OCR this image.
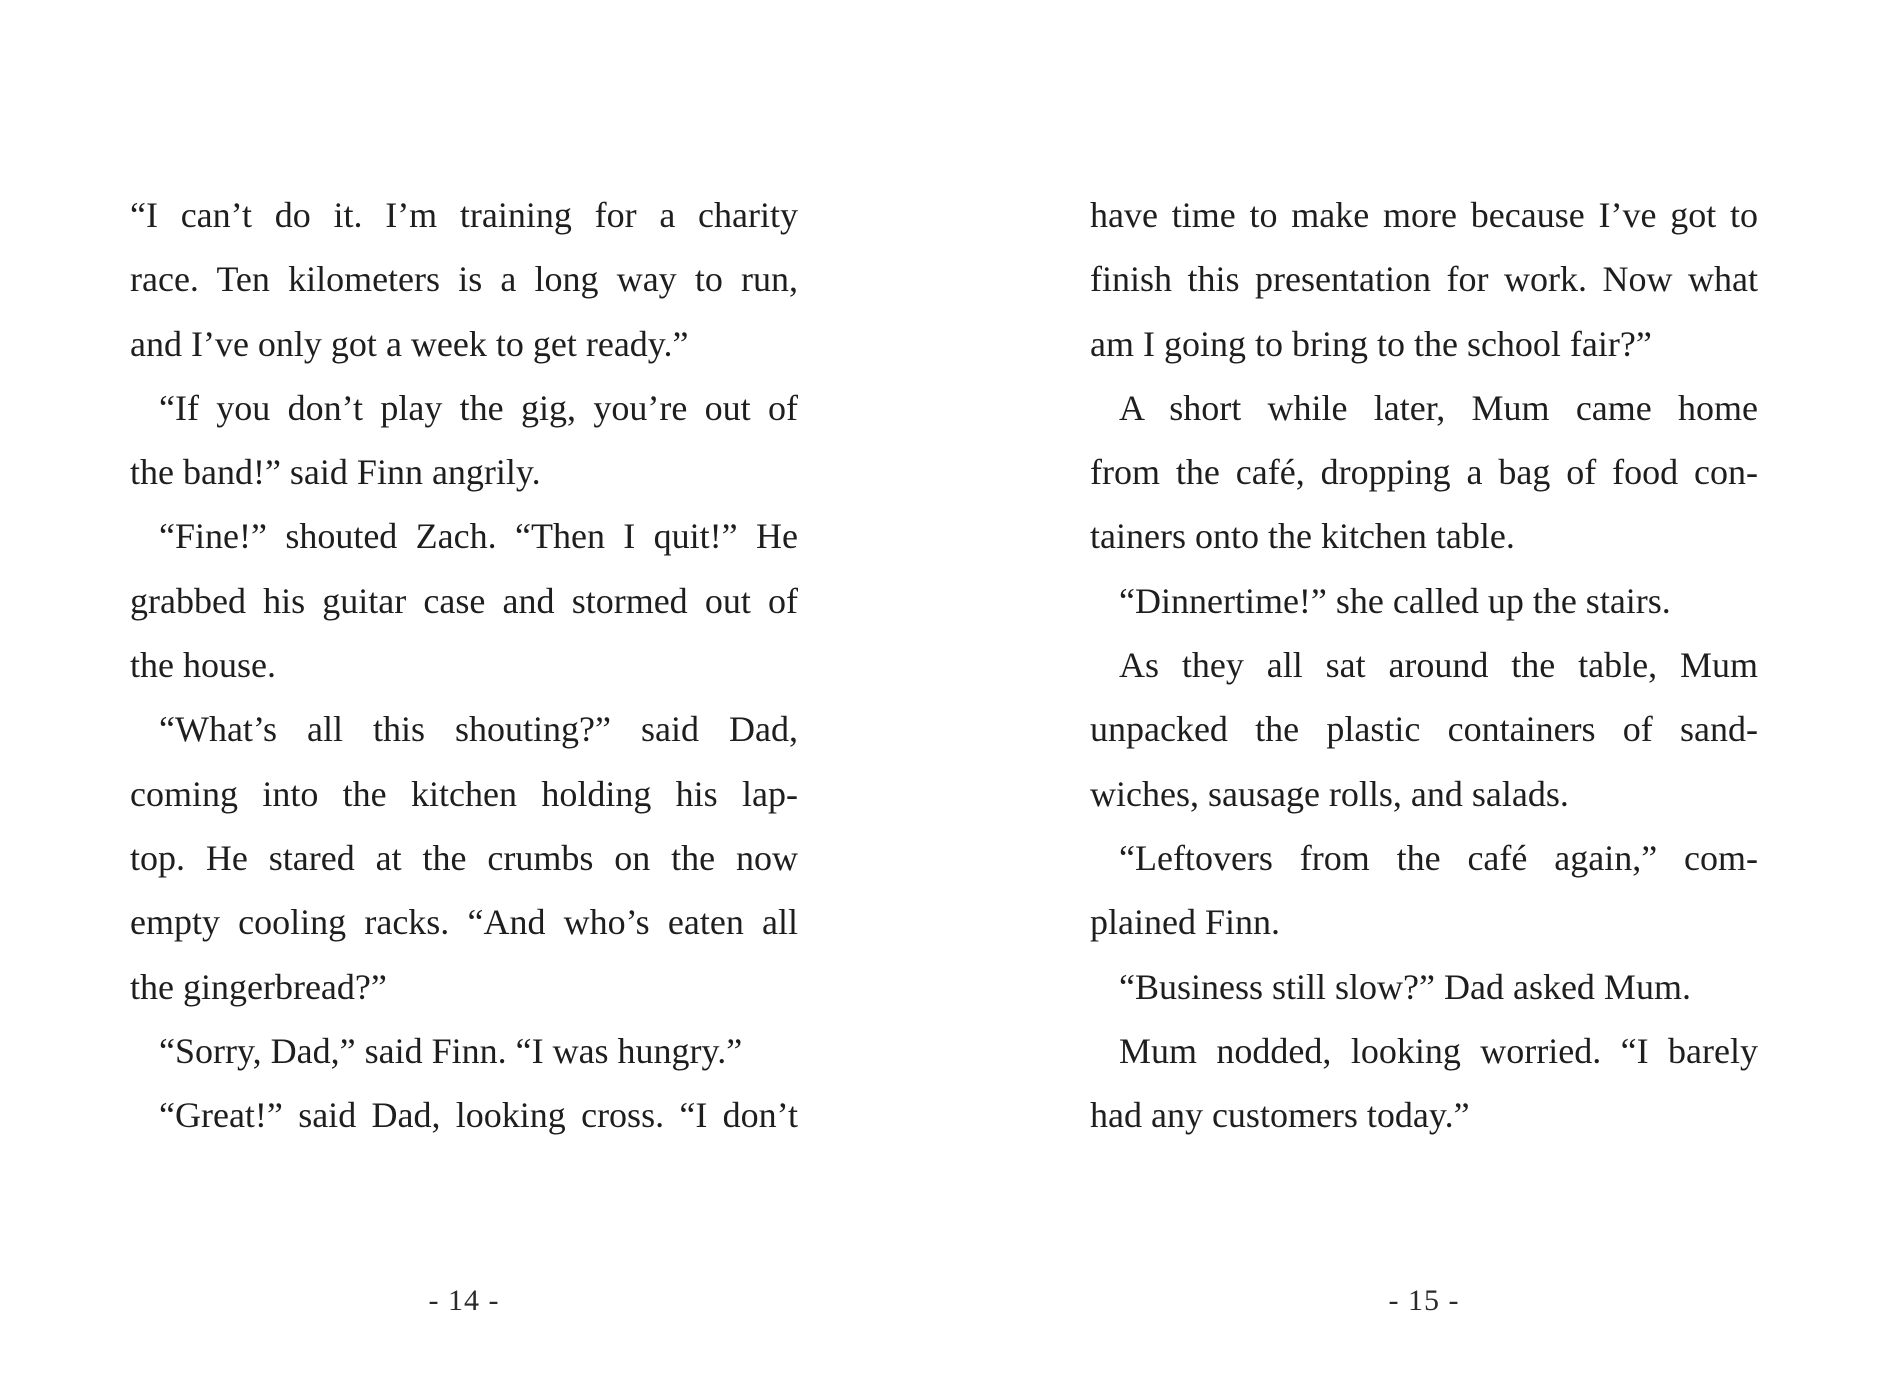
“I can’t do it. I’m training for a charity
race. Ten kilometers is a long way to run,
and I’ve only got a week to get ready.”
“If you don’t play the gig, you’re out of
the band!” said Finn angrily.
“Fine!” shouted Zach. “Then I quit!” He
grabbed his guitar case and stormed out of
the house.
“What’s all this shouting?” said Dad,
coming into the kitchen holding his lap-
top. He stared at the crumbs on the now
empty cooling racks. “And who’s eaten all
the gingerbread?”
“Sorry, Dad,” said Finn. “I was hungry.”
“Great!” said Dad, looking cross. “I don’t
- 14 -
have time to make more because I’ve got to
finish this presentation for work. Now what
am I going to bring to the school fair?”
A short while later, Mum came home
from the café, dropping a bag of food con-
tainers onto the kitchen table.
“Dinnertime!” she called up the stairs.
As they all sat around the table, Mum
unpacked the plastic containers of sand-
wiches, sausage rolls, and salads.
“Leftovers from the café again,” com-
plained Finn.
“Business still slow?” Dad asked Mum.
Mum nodded, looking worried. “I barely
had any customers today.”
- 15 -
